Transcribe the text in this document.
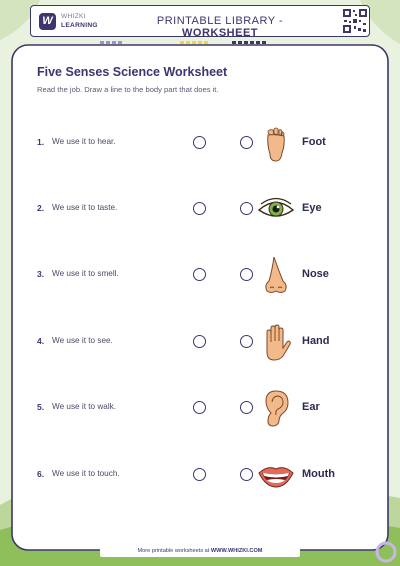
W	WHIZKI
LEARNING	PRINTABLE LIBRARY - WORKSHEET
Five Senses Science Worksheet
Read the job. Draw a line to the body part that does it.
1. We use it to hear.	Foot
2. We use it to taste.	Eye
3. We use it to smell.	Nose
4. We use it to see.	Hand
5. We use it to walk.	Ear
6. We use it to touch.	Mouth
More printable worksheets at WWW.WHIZKI.COM
